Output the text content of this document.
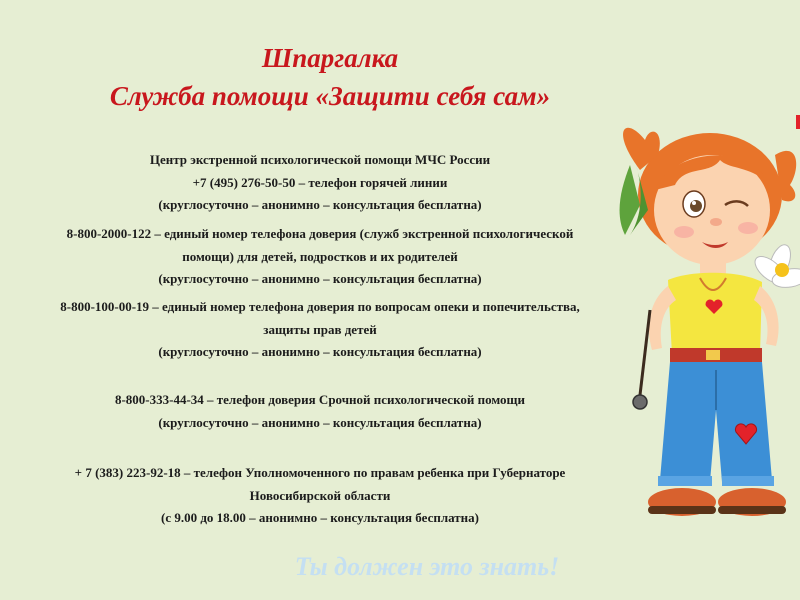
Шпаргалка
Служба помощи «Защити себя сам»
Центр экстренной психологической помощи МЧС России
+7 (495) 276-50-50 – телефон горячей линии
(круглосуточно – анонимно – консультация бесплатна)
8-800-2000-122 – единый номер телефона доверия (служб экстренной психологической
помощи) для детей, подростков и их родителей
(круглосуточно – анонимно – консультация бесплатна)
8-800-100-00-19 – единый номер телефона доверия по вопросам опеки и попечительства,
защиты прав детей
(круглосуточно – анонимно – консультация бесплатна)
8-800-333-44-34 – телефон доверия Срочной психологической помощи
(круглосуточно – анонимно – консультация бесплатна)
+ 7 (383) 223-92-18 – телефон Уполномоченного по правам ребенка при Губернаторе
Новосибирской области
(с 9.00 до 18.00 – анонимно – консультация бесплатна)
Ты должен это знать!
